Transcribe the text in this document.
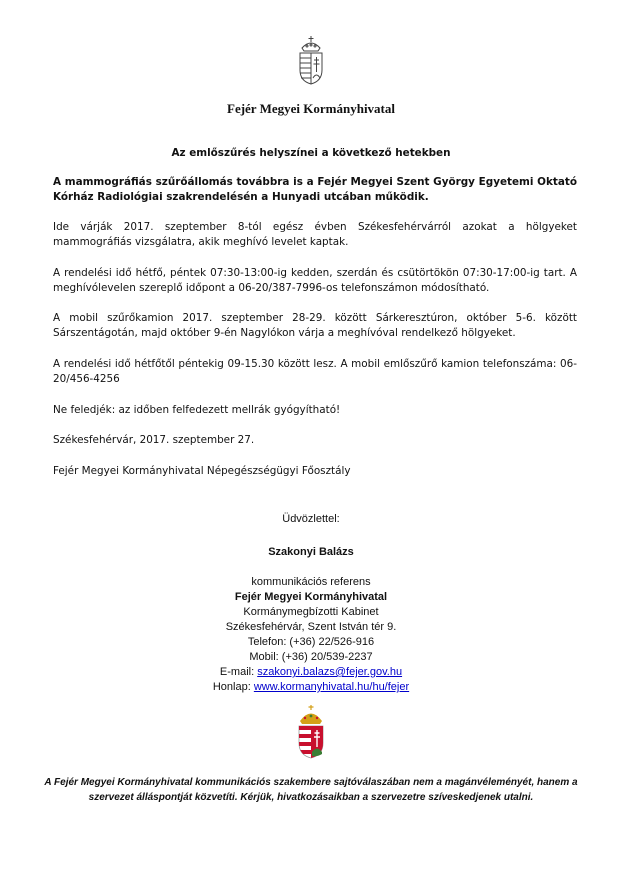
Fejér Megyei Kormányhivatal
Az emlőszűrés helyszínei a következő hetekben
A mammográfiás szűrőállomás továbbra is a Fejér Megyei Szent György Egyetemi Oktató Kórház Radiológiai szakrendelésén a Hunyadi utcában működik.
Ide várják 2017. szeptember 8-tól egész évben Székesfehérvárról azokat a hölgyeket mammográfiás vizsgálatra, akik meghívó levelet kaptak.
A rendelési idő hétfő, péntek 07:30-13:00-ig kedden, szerdán és csütörtökön 07:30-17:00-ig tart. A meghívólevelen szereplő időpont a 06-20/387-7996-os telefonszámon módosítható.
A mobil szűrőkamion 2017. szeptember 28-29. között Sárkeresztúron, október 5-6. között Sárszentágotán, majd október 9-én Nagylókon várja a meghívóval rendelkező hölgyeket.
A rendelési idő hétfőtől péntekig 09-15.30 között lesz. A mobil emlőszűrő kamion telefonszáma: 06-20/456-4256
Ne feledjék: az időben felfedezett mellrák gyógyítható!
Székesfehérvár, 2017. szeptember 27.
Fejér Megyei Kormányhivatal Népegészségügyi Főosztály
Üdvözlettel:
Szakonyi Balázs
kommunikációs referens
Fejér Megyei Kormányhivatal
Kormánymegbízotti Kabinet
Székesfehérvár, Szent István tér 9.
Telefon: (+36) 22/526-916
Mobil: (+36) 20/539-2237
E-mail: szakonyi.balazs@fejer.gov.hu
Honlap: www.kormanyhivatal.hu/hu/fejer
A Fejér Megyei Kormányhivatal kommunikációs szakembere sajtóválaszában nem a magánvéleményét, hanem a szervezet álláspontját közvetíti. Kérjük, hivatkozásaikban a szervezetre szíveskedjenek utalni.
